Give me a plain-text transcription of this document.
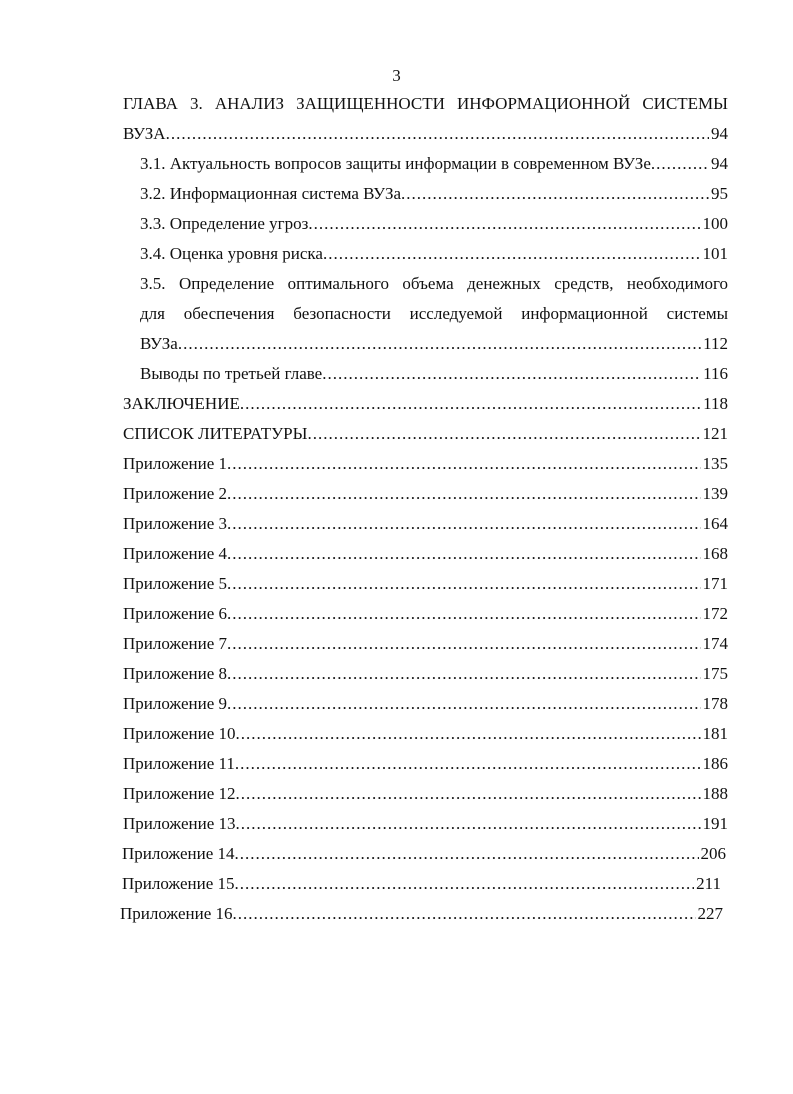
3
ГЛАВА 3. АНАЛИЗ ЗАЩИЩЕННОСТИ ИНФОРМАЦИОННОЙ СИСТЕМЫ
ВУЗА .....	94
3.1. Актуальность вопросов защиты информации в современном ВУЗе .....	94
3.2. Информационная система ВУЗа .....	95
3.3. Определение угроз .....	100
3.4. Оценка уровня риска .....	101
3.5. Определение оптимального объема денежных средств, необходимого
для обеспечения безопасности исследуемой информационной системы
ВУЗа .....	112
Выводы по третьей главе .....	116
ЗАКЛЮЧЕНИЕ .....	118
СПИСОК ЛИТЕРАТУРЫ .....	121
Приложение 1 .....	135
Приложение 2 .....	139
Приложение 3 .....	164
Приложение 4 .....	168
Приложение 5 .....	171
Приложение 6 .....	172
Приложение 7 .....	174
Приложение 8 .....	175
Приложение 9 .....	178
Приложение 10 .....	181
Приложение 11 .....	186
Приложение 12 .....	188
Приложение 13 .....	191
Приложение 14 .....	206
Приложение 15 .....	211
Приложение 16 .....	227
